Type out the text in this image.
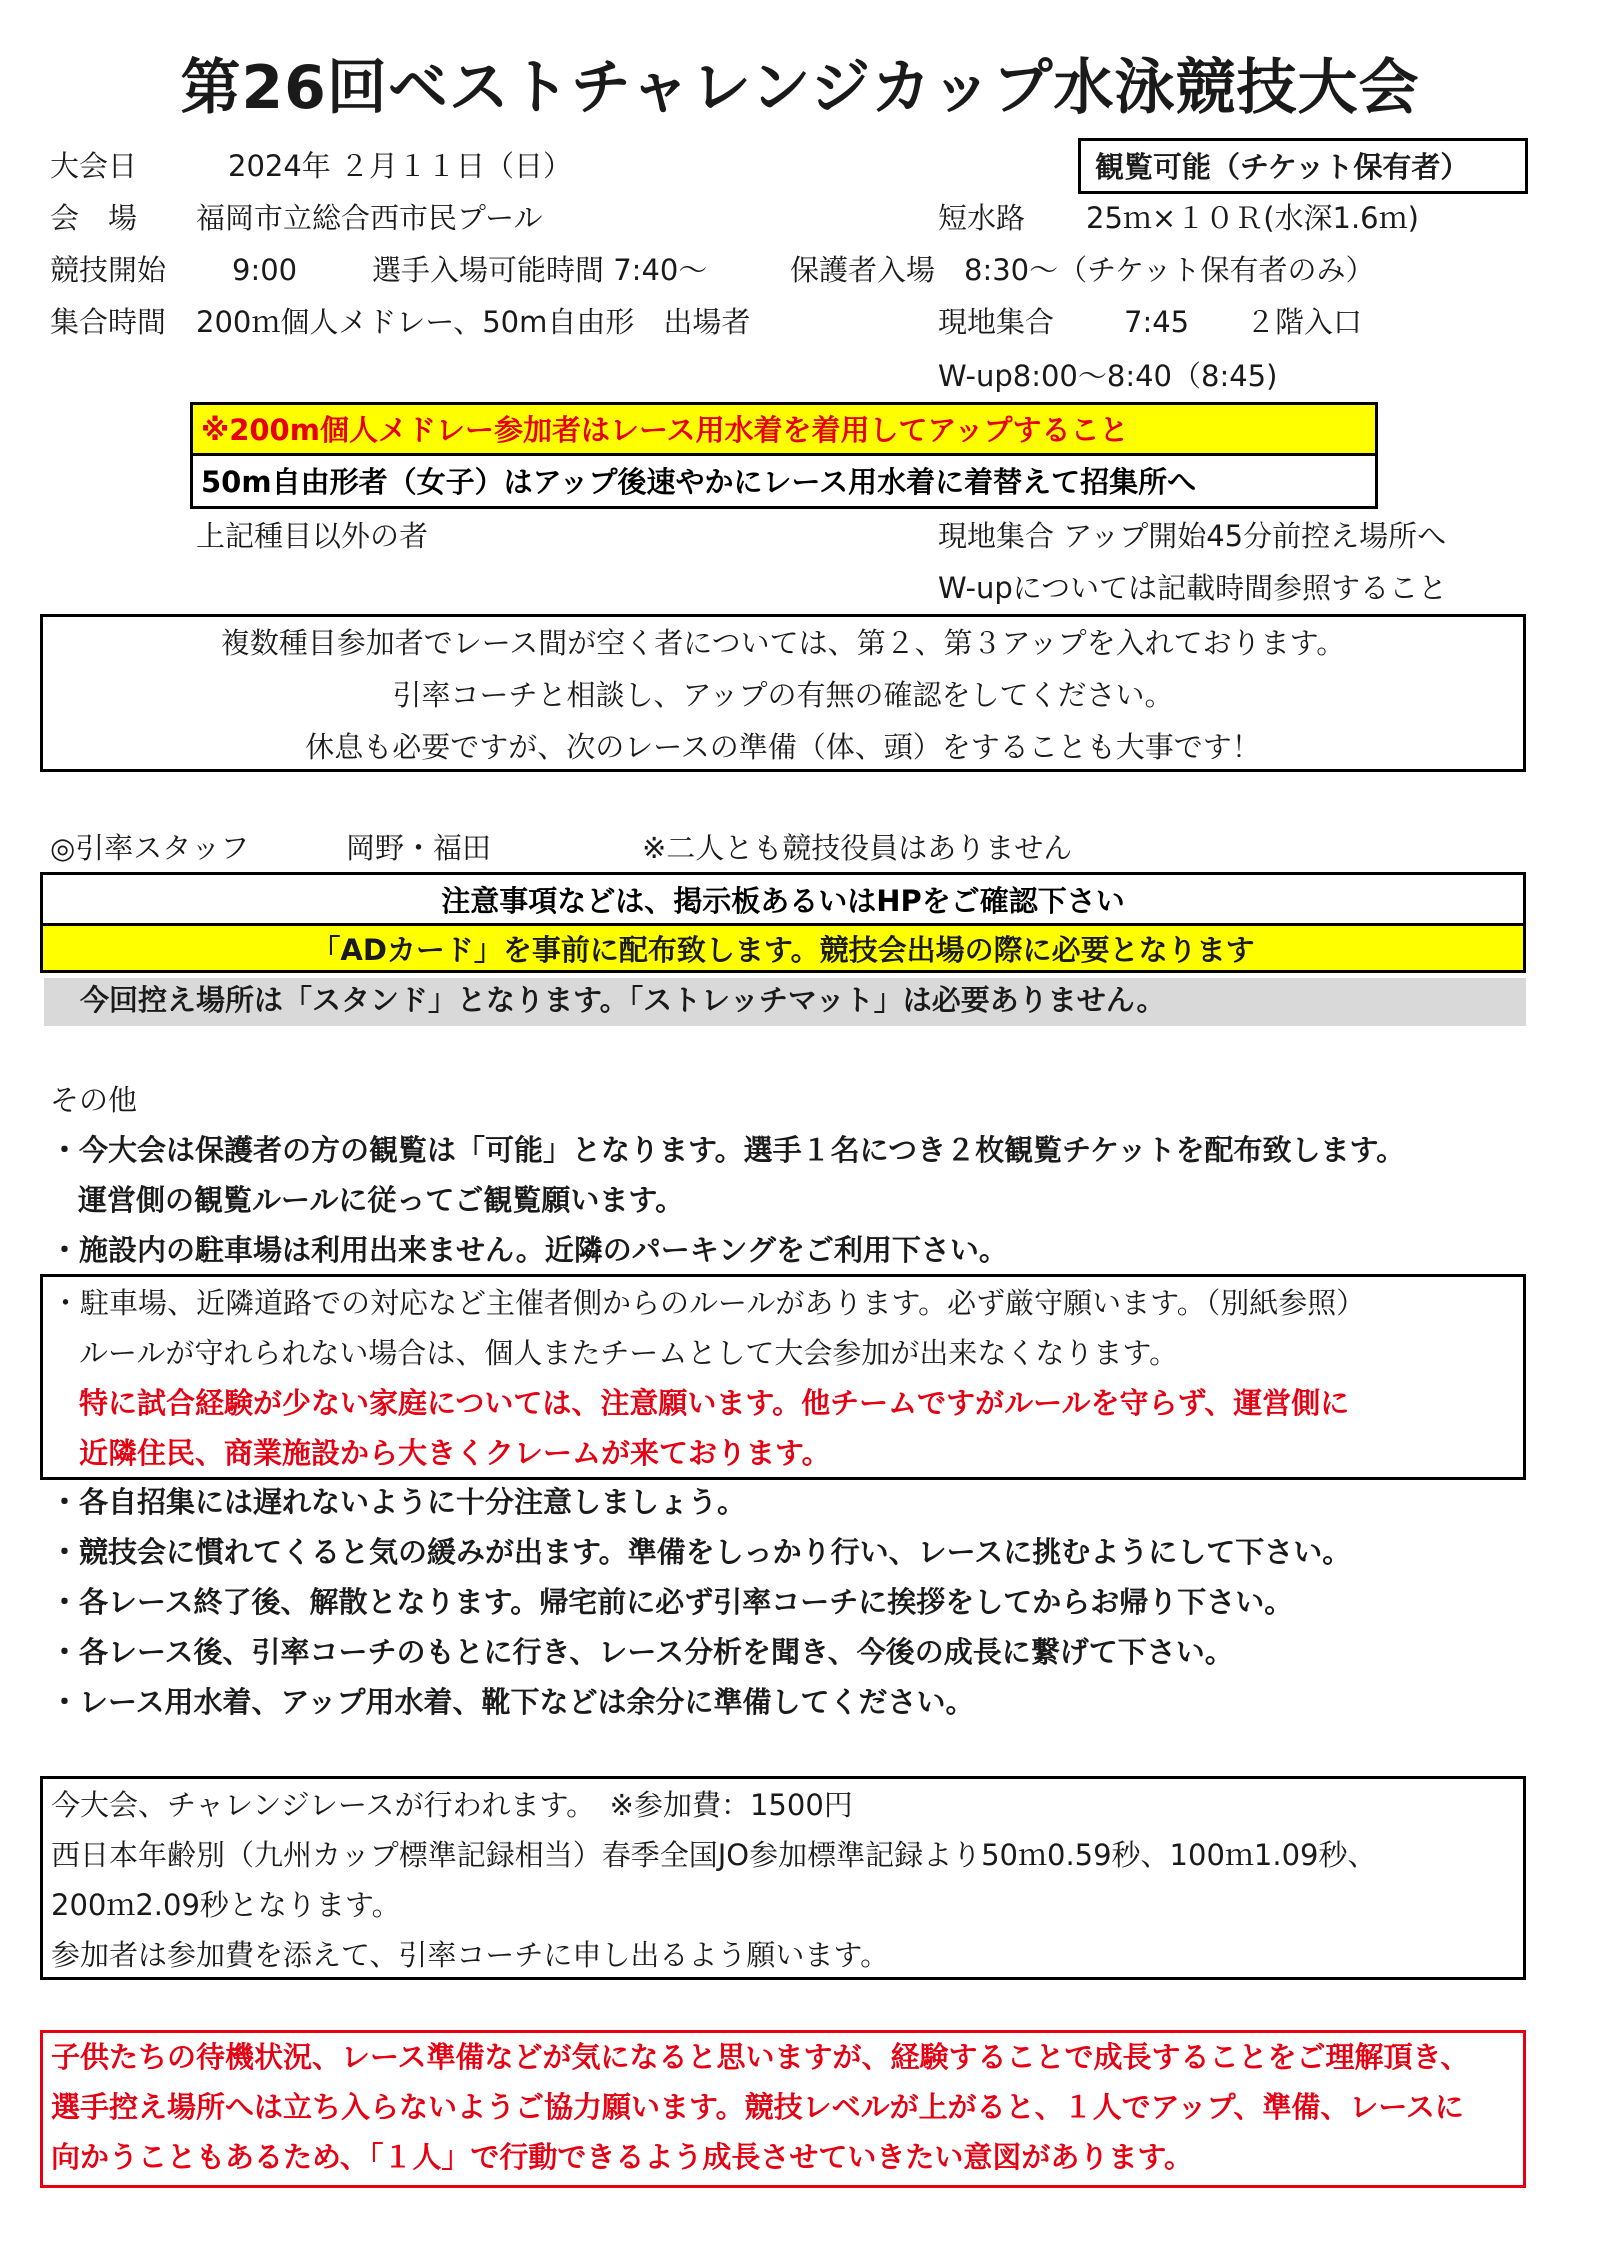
第26回ベストチャレンジカップ水泳競技大会
大会日	2024年 ２月１１日（日）	観覧可能（チケット保有者）
会　場 福岡市立総合西市民プール	短水路 25ｍ×１０Ｒ(水深1.6ｍ)
競技開始 9:00	選手入場可能時間 7:40～	保護者入場　8:30～（チケット保有者のみ）
集合時間 200ｍ個人メドレー、50m自由形　出場者	現地集合 7:45 ２階入口
W-up8:00～8:40（8:45)
※200m個人メドレー参加者はレース用水着を着用してアップすること
50m自由形者（女子）はアップ後速やかにレース用水着に着替えて招集所へ
上記種目以外の者	現地集合 アップ開始45分前控え場所へ
W-upについては記載時間参照すること
複数種目参加者でレース間が空く者については、第２、第３アップを入れております。
引率コーチと相談し、アップの有無の確認をしてください。
休息も必要ですが、次のレースの準備（体、頭）をすることも大事です！
◎引率スタッフ	岡野・福田	※二人とも競技役員はありません
注意事項などは、掲示板あるいはHPをご確認下さい
「ADカード」を事前に配布致します。競技会出場の際に必要となります
今回控え場所は「スタンド」となります。「ストレッチマット」は必要ありません。
その他
・今大会は保護者の方の観覧は「可能」となります。選手１名につき２枚観覧チケットを配布致します。
運営側の観覧ルールに従ってご観覧願います。
・施設内の駐車場は利用出来ません。近隣のパーキングをご利用下さい。
・駐車場、近隣道路での対応など主催者側からのルールがあります。必ず厳守願います。（別紙参照）
ルールが守れられない場合は、個人またチームとして大会参加が出来なくなります。
特に試合経験が少ない家庭については、注意願います。他チームですがルールを守らず、運営側に
近隣住民、商業施設から大きくクレームが来ております。
・各自招集には遅れないように十分注意しましょう。
・競技会に慣れてくると気の緩みが出ます。準備をしっかり行い、レースに挑むようにして下さい。
・各レース終了後、解散となります。帰宅前に必ず引率コーチに挨拶をしてからお帰り下さい。
・各レース後、引率コーチのもとに行き、レース分析を聞き、今後の成長に繋げて下さい。
・レース用水着、アップ用水着、靴下などは余分に準備してください。
今大会、チャレンジレースが行われます。　※参加費：1500円
西日本年齢別（九州カップ標準記録相当）春季全国JO参加標準記録より50ｍ0.59秒、100ｍ1.09秒、
200ｍ2.09秒となります。
参加者は参加費を添えて、引率コーチに申し出るよう願います。
子供たちの待機状況、レース準備などが気になると思いますが、経験することで成長することをご理解頂き、
選手控え場所へは立ち入らないようご協力願います。競技レベルが上がると、１人でアップ、準備、レースに
向かうこともあるため、「１人」で行動できるよう成長させていきたい意図があります。
